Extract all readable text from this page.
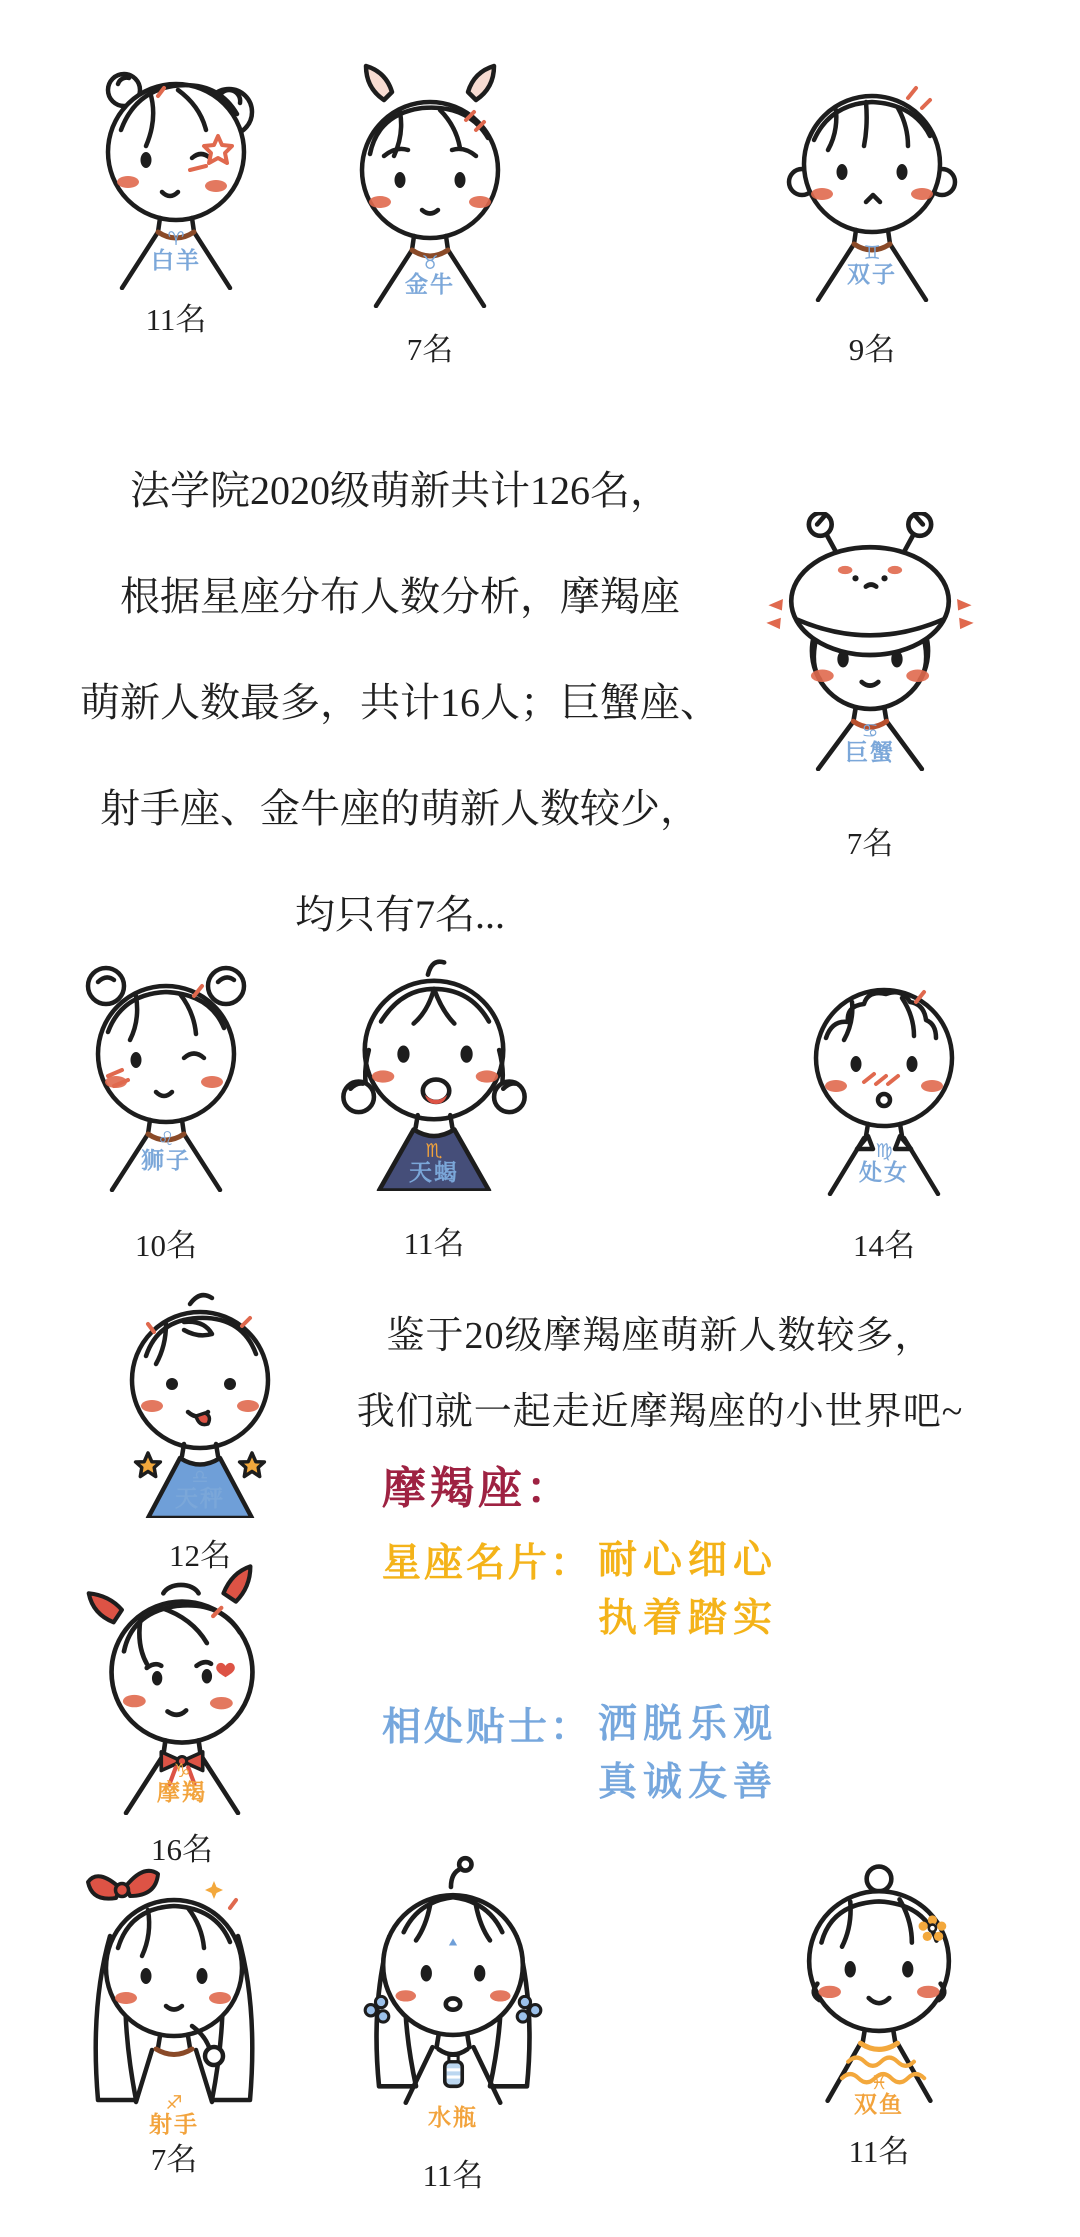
♈
白羊
11名
♉
金牛
7名
♊
双子
9名
法学院2020级萌新共计126名，
根据星座分布人数分析，摩羯座
萌新人数最多，共计16人；巨蟹座、
射手座、金牛座的萌新人数较少，
均只有7名...
♋
巨蟹
7名
♌
狮子
10名
♏
天蝎
11名
♍
处女
14名
♎
天秤
12名
鉴于20级摩羯座萌新人数较多，
我们就一起走近摩羯座的小世界吧~
摩羯座：
星座名片： 耐心细心
执着踏实
相处贴士： 洒脱乐观
真诚友善
♑
摩羯
16名
♐
射手
7名
水瓶
11名
♓
双鱼
11名
